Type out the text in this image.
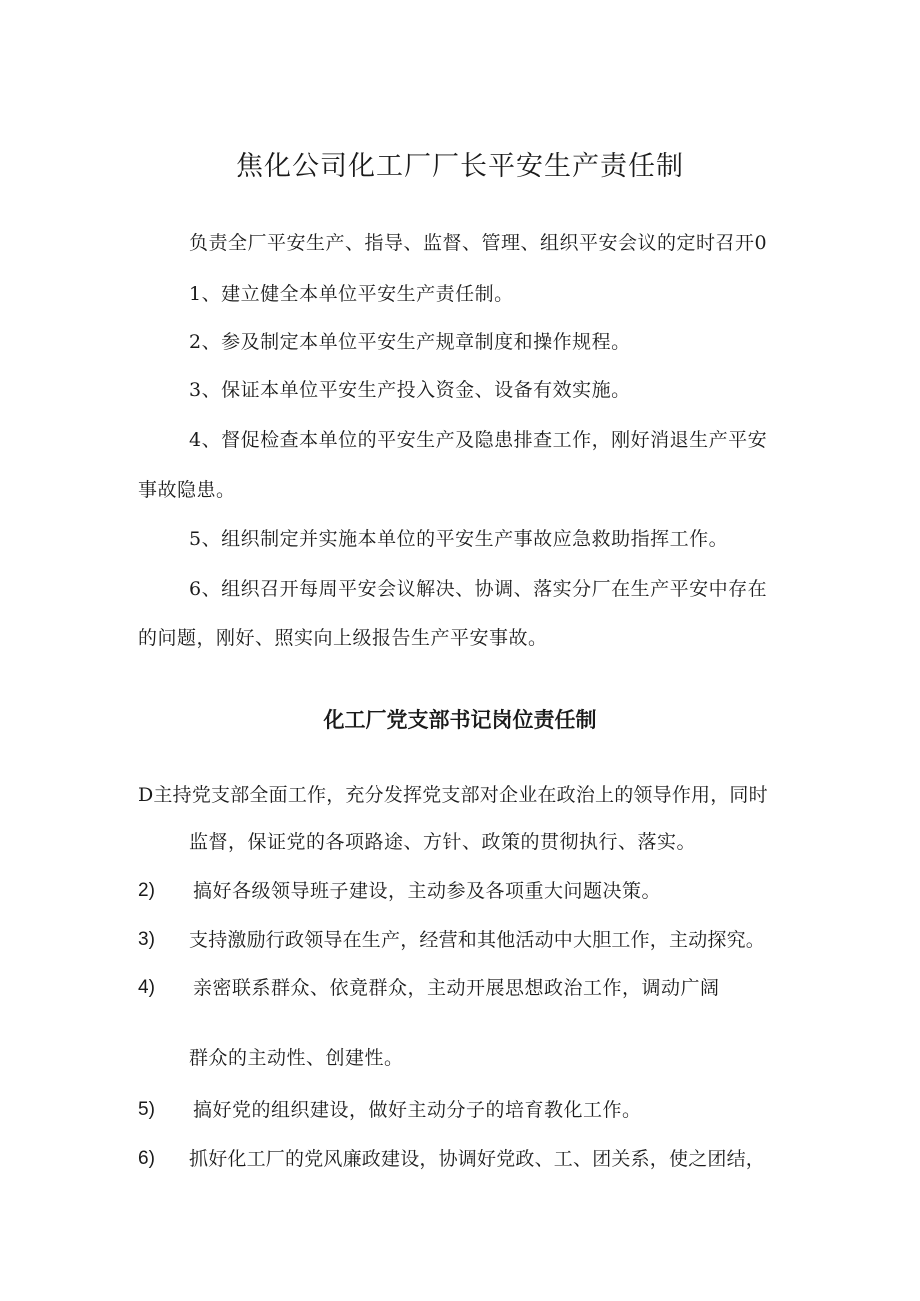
焦化公司化工厂厂长平安生产责任制
负责全厂平安生产、指导、监督、管理、组织平安会议的定时召开0
1、建立健全本单位平安生产责任制。
2、参及制定本单位平安生产规章制度和操作规程。
3、保证本单位平安生产投入资金、设备有效实施。
4、督促检查本单位的平安生产及隐患排查工作，刚好消退生产平安
事故隐患。
5、组织制定并实施本单位的平安生产事故应急救助指挥工作。
6、组织召开每周平安会议解决、协调、落实分厂在生产平安中存在
的问题，刚好、照实向上级报告生产平安事故。
化工厂党支部书记岗位责任制
D主持党支部全面工作，充分发挥党支部对企业在政治上的领导作用，同时
监督，保证党的各项路途、方针、政策的贯彻执行、落实。
2) 搞好各级领导班子建设，主动参及各项重大问题决策。
3) 支持激励行政领导在生产，经营和其他活动中大胆工作，主动探究。
4) 亲密联系群众、依竟群众，主动开展思想政治工作，调动广阔
群众的主动性、创建性。
5) 搞好党的组织建设，做好主动分子的培育教化工作。
6) 抓好化工厂的党风廉政建设，协调好党政、工、团关系，使之团结，
